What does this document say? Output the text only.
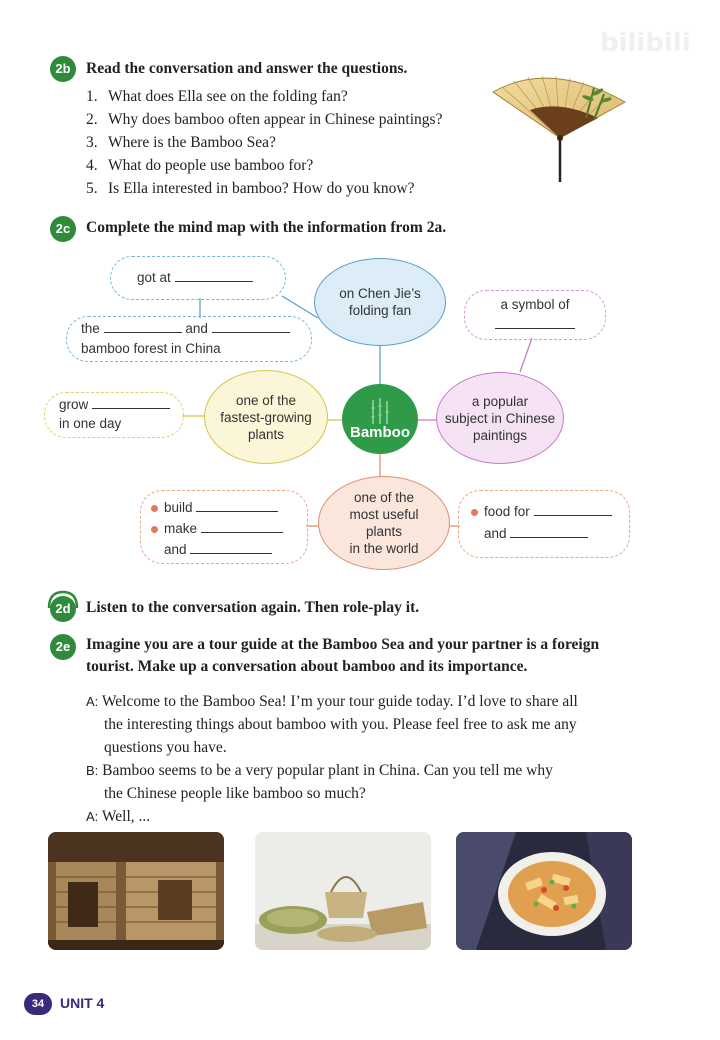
bilibili
2b Read the conversation and answer the questions.
1. What does Ella see on the folding fan?
2. Why does bamboo often appear in Chinese paintings?
3. Where is the Bamboo Sea?
4. What do people use bamboo for?
5. Is Ella interested in bamboo? How do you know?
2c	Complete the mind map with the information from 2a.
Bamboo
on Chen Jie’s
folding fan
got at
the	and
bamboo forest in China
a symbol of

a popular
subject in Chinese
paintings
one of the
fastest-growing
plants
grow
in one day
one of the
most useful
plants
in the world
build
make
and
food for
and
2d Listen to the conversation again. Then role-play it.
2e	Imagine you are a tour guide at the Bamboo Sea and your partner is a foreign
tourist. Make up a conversation about bamboo and its importance.
A: Welcome to the Bamboo Sea! I’m your tour guide today. I’d love to share all
the interesting things about bamboo with you. Please feel free to ask me any
questions you have.
B: Bamboo seems to be a very popular plant in China. Can you tell me why
the Chinese people like bamboo so much?
A: Well, ...
34	UNIT 4
